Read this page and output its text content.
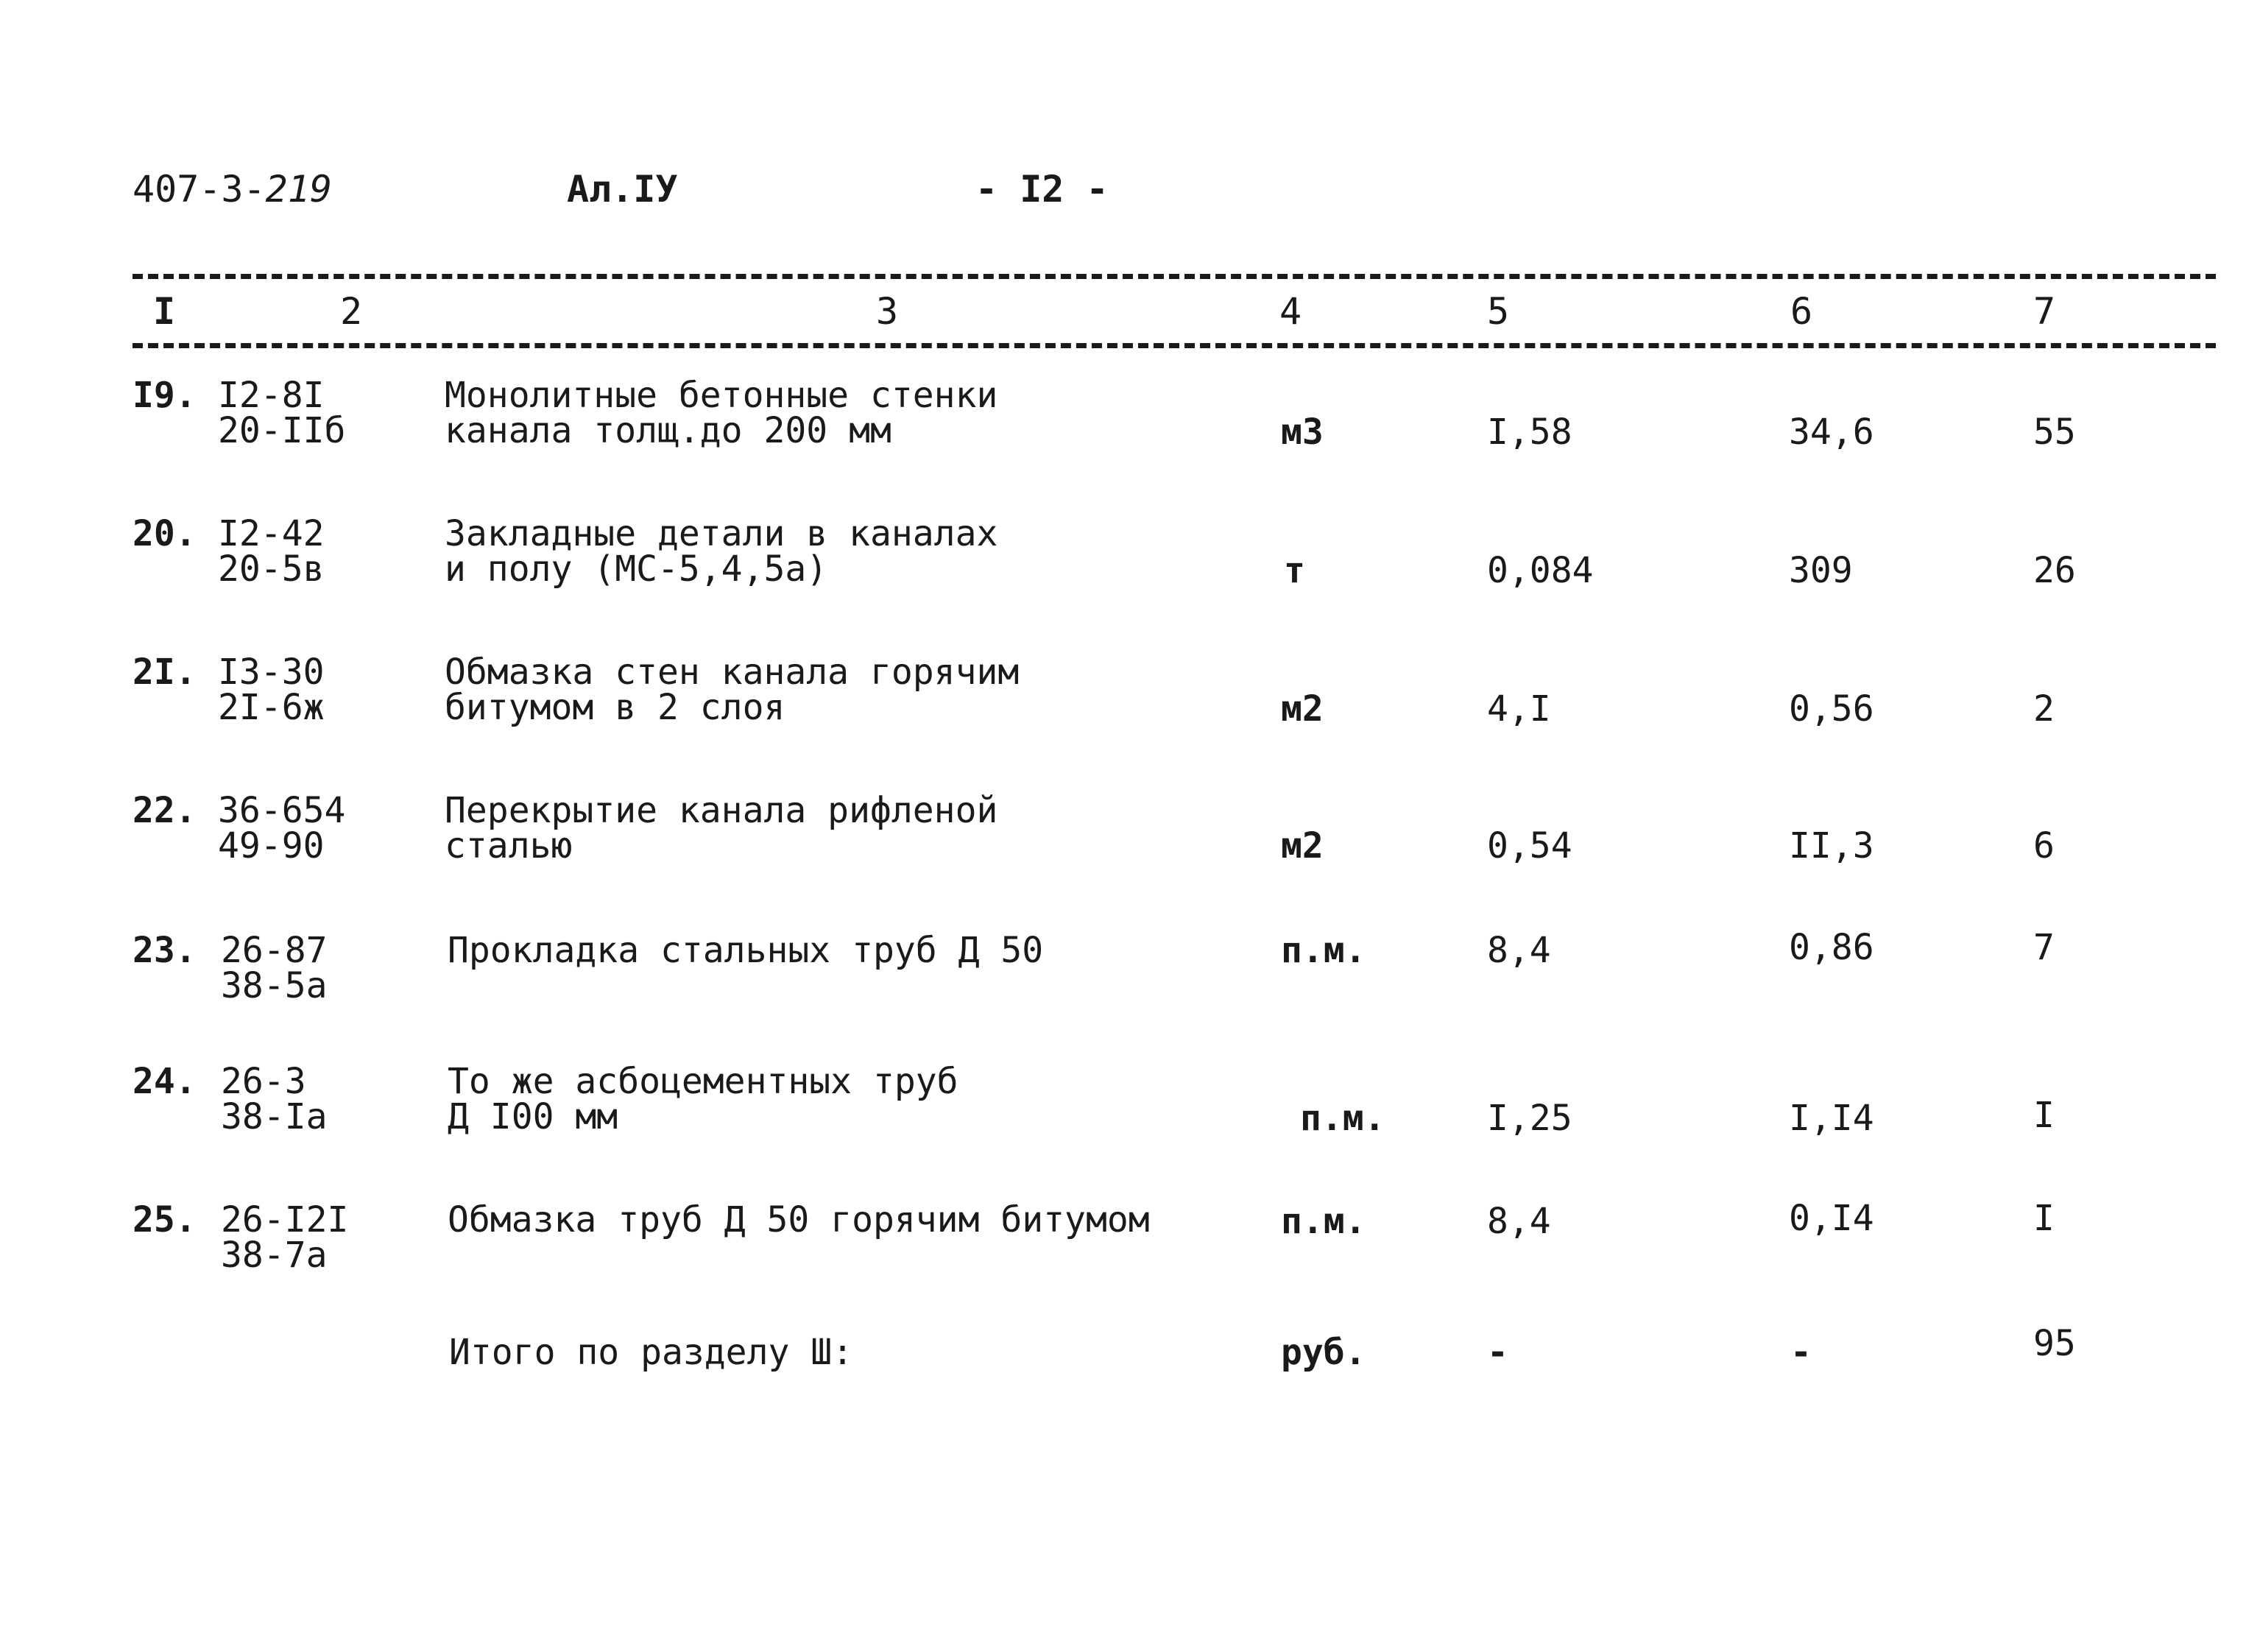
407-3-219	Ал.IУ	- I2 -
I	2	3	4	5	6	7
I9. I2-8I
20-IIб
Монолитные бетонные стенки
канала толщ.до 200 мм	м3	I,58	34,6	55
20. I2-42
20-5в
Закладные детали в каналах
и полу (МС-5,4,5а)	т	0,084	309	26
2I. I3-30
2I-6ж
Обмазка стен канала горячим
битумом в 2 слоя	м2	4,I	0,56	2
22. 36-654
49-90
Перекрытие канала рифленой
сталью	м2	0,54	II,3	6
23. 26-87
38-5а
Прокладка стальных труб Д 50	п.м.	8,4	0,86	7
24. 26-3
38-Iа
То же асбоцементных труб
Д I00 мм	п.м.	I,25	I,I4	I
25. 26-I2I
38-7а
Обмазка труб Д 50 горячим битумом	п.м.	8,4	0,I4	I
Итого по разделу Ш:	руб.	-	-	95
